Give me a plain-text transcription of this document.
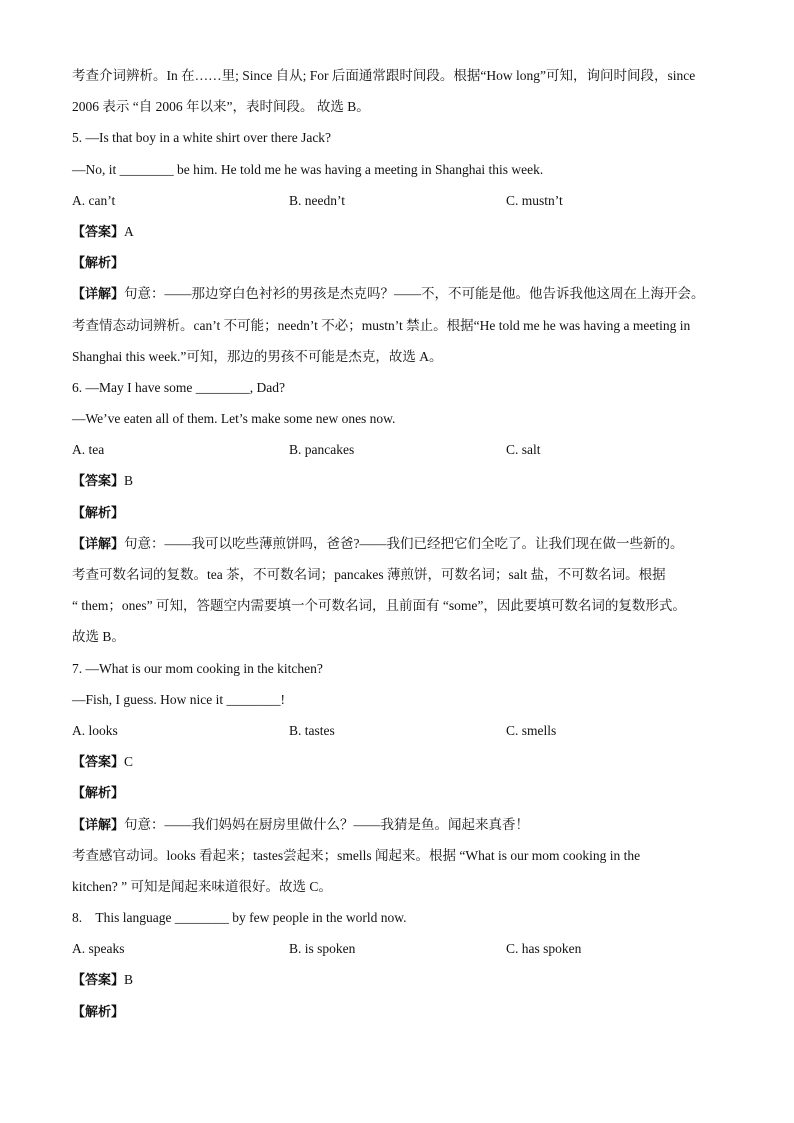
考查介词辨析。In 在……里; Since 自从; For 后面通常跟时间段。根据“How long”可知，询问时间段，since
2006 表示 “自 2006 年以来”，表时间段。 故选 B。
5. —Is that boy in a white shirt over there Jack?
—No, it ________ be him. He told me he was having a meeting in Shanghai this week.
A. can’t	B. needn’t	C. mustn’t
【答案】A
【解析】
【详解】句意：——那边穿白色衬衫的男孩是杰克吗？——不，不可能是他。他告诉我他这周在上海开会。
考查情态动词辨析。can’t 不可能；needn’t 不必；mustn’t 禁止。根据“He told me he was having a meeting in
Shanghai this week.”可知，那边的男孩不可能是杰克，故选 A。
6. —May I have some ________, Dad?
—We’ve eaten all of them. Let’s make some new ones now.
A. tea	B. pancakes	C. salt
【答案】B
【解析】
【详解】句意：——我可以吃些薄煎饼吗，爸爸?——我们已经把它们全吃了。让我们现在做一些新的。
考查可数名词的复数。tea 茶，不可数名词；pancakes 薄煎饼，可数名词；salt 盐，不可数名词。根据
“ them；ones” 可知，答题空内需要填一个可数名词，且前面有 “some”，因此要填可数名词的复数形式。
故选 B。
7. —What is our mom cooking in the kitchen?
—Fish, I guess. How nice it ________!
A. looks	B. tastes	C. smells
【答案】C
【解析】
【详解】句意：——我们妈妈在厨房里做什么？——我猜是鱼。闻起来真香！
考查感官动词。looks 看起来；tastes尝起来；smells 闻起来。根据 “What is our mom cooking in the
kitchen? ” 可知是闻起来味道很好。故选 C。
8.    This language ________ by few people in the world now.
A. speaks	B. is spoken	C. has spoken
【答案】B
【解析】
